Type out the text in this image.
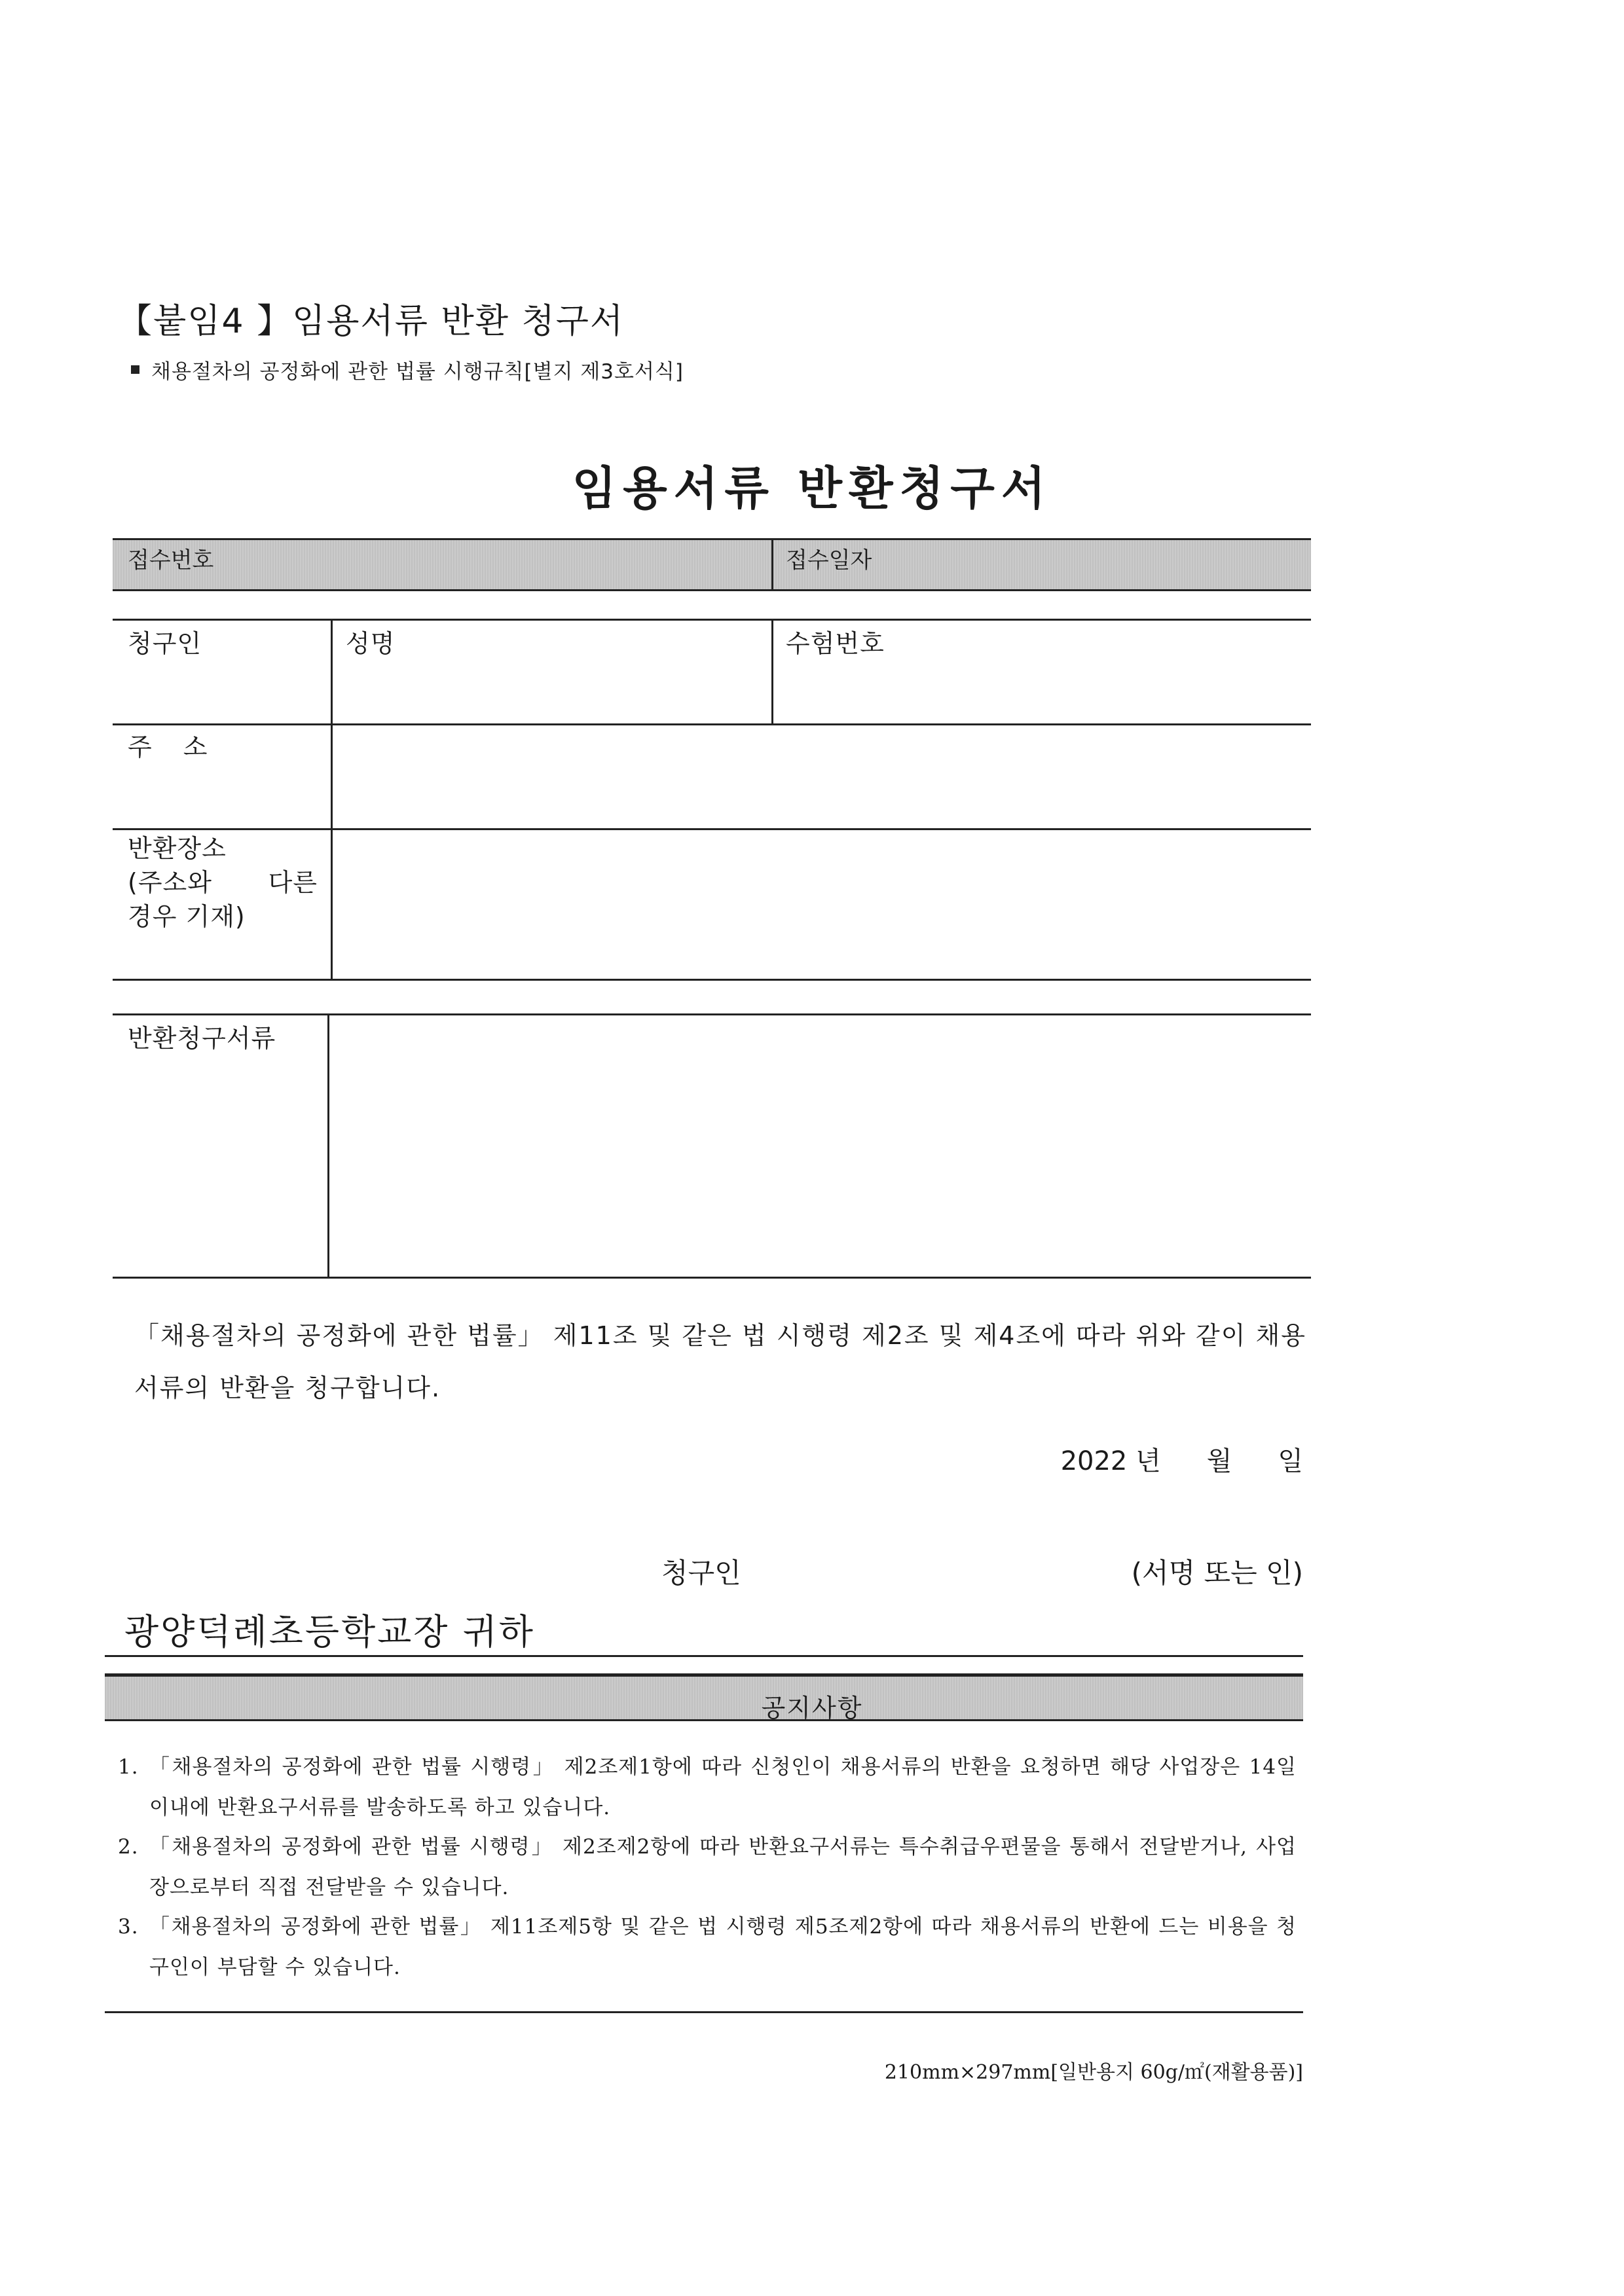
【붙임4 】임용서류 반환 청구서
채용절차의 공정화에 관한 법률 시행규칙[별지 제3호서식]
임용서류 반환청구서
접수번호	접수일자
청구인	성명	수험번호
주 소
반환장소
(주소와 다른
경우 기재)
반환청구서류
「채용절차의 공정화에 관한 법률」 제11조 및 같은 법 시행령 제2조 및 제4조에 따라 위와 같이 채용서류의 반환을 청구합니다.
2022 년 월 일
청구인	(서명 또는 인)
광양덕례초등학교장 귀하
공지사항
1. 「채용절차의 공정화에 관한 법률 시행령」 제2조제1항에 따라 신청인이 채용서류의 반환을 요청하면 해당 사업장은 14일 이내에 반환요구서류를 발송하도록 하고 있습니다.
2. 「채용절차의 공정화에 관한 법률 시행령」 제2조제2항에 따라 반환요구서류는 특수취급우편물을 통해서 전달받거나, 사업장으로부터 직접 전달받을 수 있습니다.
3. 「채용절차의 공정화에 관한 법률」 제11조제5항 및 같은 법 시행령 제5조제2항에 따라 채용서류의 반환에 드는 비용을 청구인이 부담할 수 있습니다.
210mm×297mm[일반용지 60g/㎡(재활용품)]
